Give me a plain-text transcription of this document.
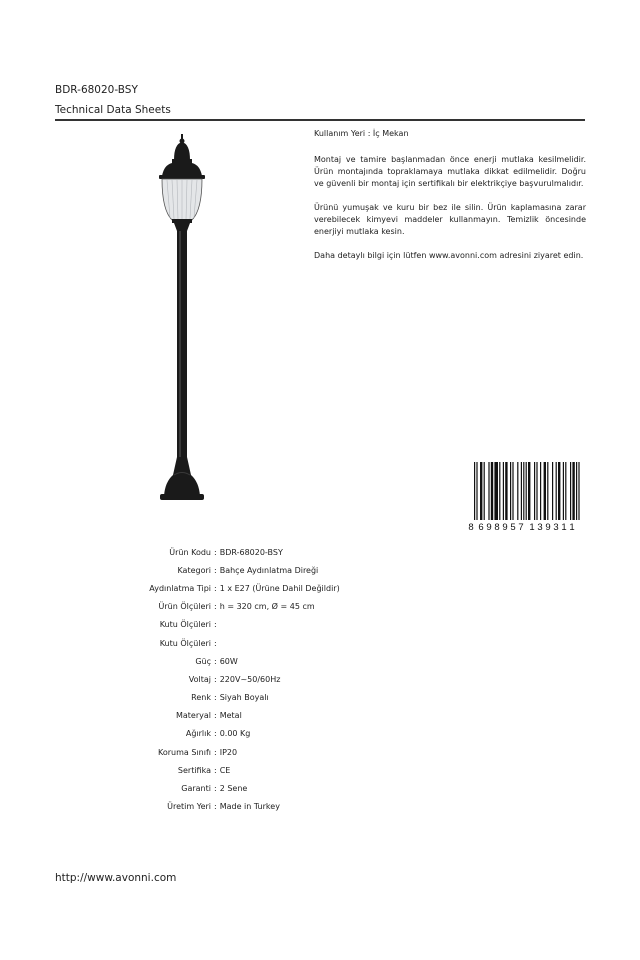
BDR-68020-BSY
Technical Data Sheets

Kullanım Yeri : İç Mekan

Montaj ve tamire başlanmadan önce enerji mutlaka kesilmelidir. Ürün montajında topraklamaya mutlaka dikkat edilmelidir. Doğru ve güvenli bir montaj için sertifikalı bir elektrikçiye başvurulmalıdır.

Ürünü yumuşak ve kuru bir bez ile silin. Ürün kaplamasına zarar verebilecek kimyevi maddeler kullanmayın. Temizlik öncesinde enerjiyi mutlaka kesin.

Daha detaylı bilgi için lütfen www.avonni.com adresini ziyaret edin.

8 6 9 8 9 5 7 1 3 9 3 1 1
Ürün Kodu : BDR-68020-BSY
Kategori : Bahçe Aydınlatma Direği
Aydınlatma Tipi : 1 x E27 (Ürüne Dahil Değildir)
Ürün Ölçüleri : h = 320 cm, Ø = 45 cm
Kutu Ölçüleri :
Kutu Ölçüleri :
Güç : 60W
Voltaj : 220V~50/60Hz
Renk : Siyah Boyalı
Materyal : Metal
Ağırlık : 0.00 Kg
Koruma Sınıfı : IP20
Sertifika : CE
Garanti : 2 Sene
Üretim Yeri : Made in Turkey
http://www.avonni.com
